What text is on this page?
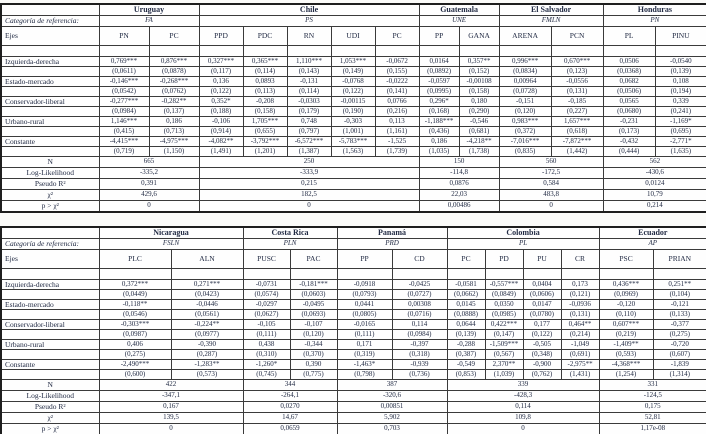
	Uruguay		Chile					Guatemala		El Salvador		Honduras	
Categoría de referencia:	FA		PS					UNE		FMLN		PN	
Ejes	PN	PC	PPD	PDC	RN	UDI	PC	PP	GANA	ARENA	PCN	PL	PINU

Izquierda-derecha	0,769***	0,876***	0,327***	0,365***	1,110***	1,053***	-0,0672	0,0164	0,357**	0,996***	0,670***	0,0506	-0,0540
	(0,0611)	(0,0878)	(0,117)	(0,114)	(0,143)	(0,149)	(0,155)	(0,0892)	(0,152)	(0,0834)	(0,123)	(0,0368)	(0,139)
Estado-mercado	-0,146***	-0,268***	0,136	0,0893	-0,131	-0,0768	-0,0222	-0,0597	-0,00108	0,00964	-0,0556	0,0682	0,108
	(0,0542)	(0,0762)	(0,122)	(0,113)	(0,114)	(0,122)	(0,141)	(0,0995)	(0,158)	(0,0728)	(0,131)	(0,0506)	(0,194)
Conservador-liberal	-0,277***	-0,282**	0,352*	-0,208	-0,0303	-0,00115	0,0766	0,296*	0,180	-0,151	-0,185	0,0565	0,339
	(0,0984)	(0,137)	(0,188)	(0,158)	(0,179)	(0,190)	(0,216)	(0,168)	(0,290)	(0,120)	(0,227)	(0,0680)	(0,241)
Urbano-rural	1,146***	0,186	-0,106	1,705***	0,748	-0,303	0,113	-1,188***	-0,546	0,983***	1,657***	-0,231	-1,169*
	(0,415)	(0,713)	(0,914)	(0,655)	(0,797)	(1,001)	(1,161)	(0,436)	(0,681)	(0,372)	(0,618)	(0,173)	(0,695)
Constante	-4,415***	-4,975***	-4,082**	-3,792***	-6,572***	-5,783***	-1,525	0,186	-4,218**	-7,016***	-7,872***	-0,432	-2,771*
	(0,719)	(1,150)	(1,491)	(1,201)	(1,387)	(1,563)	(1,739)	(1,035)	(1,738)	(0,835)	(1,442)	(0,444)	(1,635)
N	665		250					150		560		562	
Log-Likelihood	-335,2		-333,9					-114,8		-172,5		-430,6	
Pseudo R²	0,391		0,215					0,0876		0,584		0,0124	
χ²	429,6		182,5					22,03		483,8		10,79	
p > χ²	0		0					0,00486		0		0,214	
	Nicaragua		Costa Rica		Panamá		Colombia				Ecuador	
Categoría de referencia:	FSLN		PLN		PRD		PL				AP	
Ejes	PLC	ALN	PUSC	PAC	PP	CD	PC	PD	PU	CR	PSC	PRIAN

Izquierda-derecha	0,372***	0,271***	-0,0731	-0,181***	-0,0918	-0,0425	-0,0581	-0,557***	0,0404	0,173	0,436***	0,251**
	(0,0449)	(0,0423)	(0,0574)	(0,0603)	(0,0793)	(0,0727)	(0,0662)	(0,0849)	(0,0606)	(0,121)	(0,0969)	(0,104)
Estado-mercado	-0,118**	-0,0446	-0,0297	-0,0495	0,0441	0,00308	0,0145	0,0350	0,0147	-0,0936	-0,120	-0,121
	(0,0546)	(0,0561)	(0,0627)	(0,0693)	(0,0805)	(0,0716)	(0,0888)	(0,0985)	(0,0780)	(0,131)	(0,110)	(0,133)
Conservador-liberal	-0,303***	-0,224**	-0,105	-0,107	-0,0165	0,114	0,0644	0,422***	0,177	0,464**	0,607***	-0,377
	(0,0987)	(0,0977)	(0,111)	(0,120)	(0,111)	(0,0984)	(0,139)	(0,147)	(0,122)	(0,214)	(0,219)	(0,275)
Urbano-rural	0,406	-0,390	0,438	-0,344	0,171	-0,397	-0,288	-1,509***	-0,505	-1,049	-1,409**	-0,720
	(0,275)	(0,287)	(0,310)	(0,370)	(0,319)	(0,318)	(0,387)	(0,567)	(0,348)	(0,691)	(0,593)	(0,607)
Constante	-2,490***	-1,283**	-1,260*	0,390	-1,463*	-0,939	-0,549	2,370**	-0,900	-2,975**	-4,368***	-1,839
	(0,600)	(0,573)	(0,745)	(0,775)	(0,798)	(0,736)	(0,853)	(1,039)	(0,762)	(1,431)	(1,254)	(1,314)
N	422		344		387		339				331	
Log-Likelihood	-347,1		-264,1		-320,6		-428,3				-124,5	
Pseudo R²	0,167		0,0270		0,00851		0,114				0,175	
χ²	139,5		14,67		5,902		109,8				52,81	
p > χ²	0		0,0659		0,703		0				1,17e-08	
